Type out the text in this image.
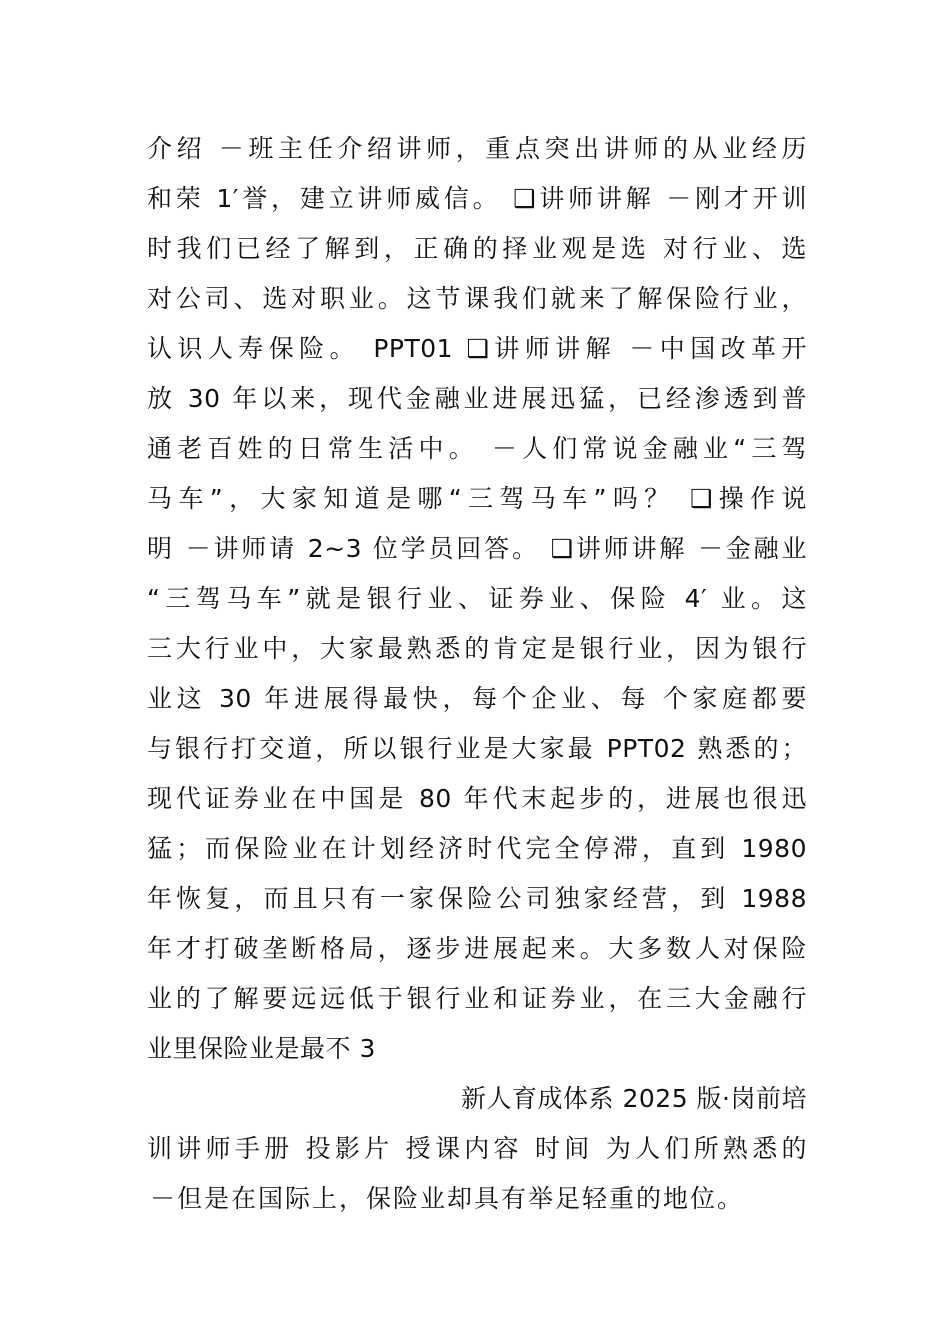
介绍 －班主任介绍讲师，重点突出讲师的从业经历
和荣 1′誉，建立讲师威信。 ❑讲师讲解 －刚才开训
时我们已经了解到，正确的择业观是选 对行业、选
对公司、选对职业。这节课我们就来了解保险行业，
认识人寿保险。 PPT01 ❑讲师讲解 －中国改革开
放 30 年以来，现代金融业进展迅猛，已经渗透到普
通老百姓的日常生活中。 －人们常说金融业“三驾
马车”，大家知道是哪“三驾马车”吗？ ❑操作说
明 －讲师请 2~3 位学员回答。 ❑讲师讲解 －金融业
“三驾马车”就是银行业、证券业、保险 4′ 业。这
三大行业中，大家最熟悉的肯定是银行业，因为银行
业这 30 年进展得最快，每个企业、每 个家庭都要
与银行打交道，所以银行业是大家最 PPT02 熟悉的；
现代证券业在中国是 80 年代末起步的，进展也很迅
猛；而保险业在计划经济时代完全停滞，直到 1980
年恢复，而且只有一家保险公司独家经营，到 1988
年才打破垄断格局，逐步进展起来。大多数人对保险
业的了解要远远低于银行业和证券业，在三大金融行
业里保险业是最不 3
新人育成体系 2025 版·岗前培
训讲师手册 投影片 授课内容 时间 为人们所熟悉的
－但是在国际上，保险业却具有举足轻重的地位。
